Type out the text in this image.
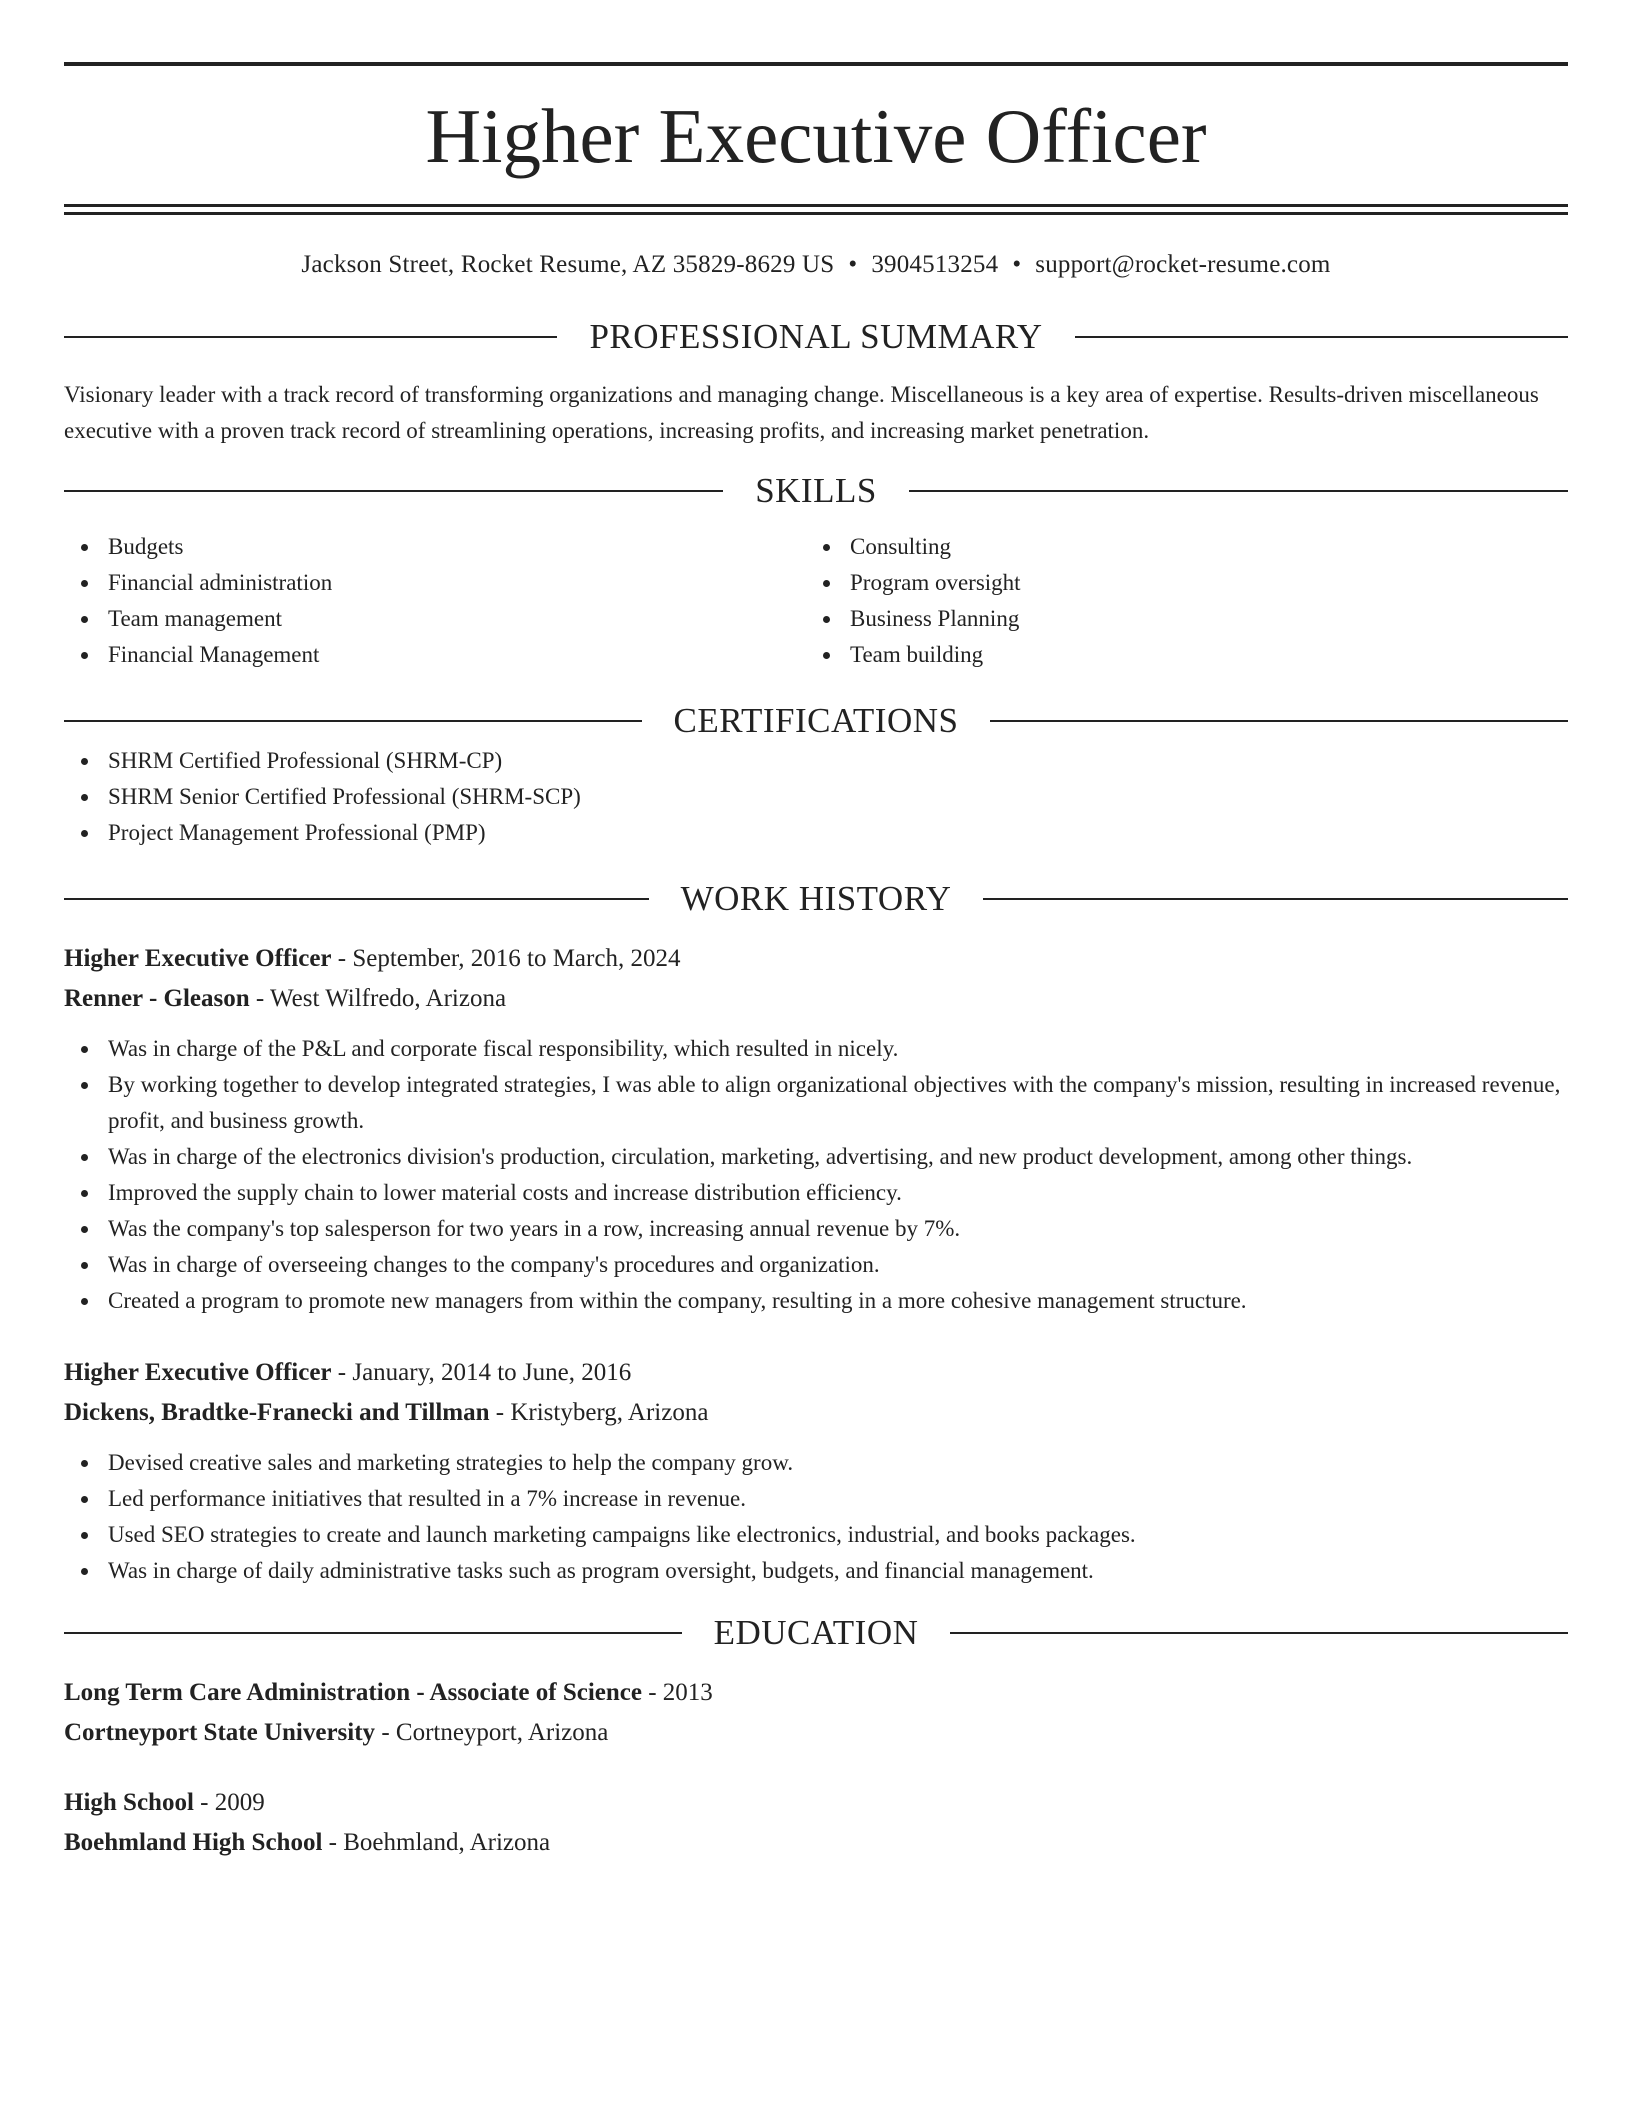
Higher Executive Officer
Jackson Street, Rocket Resume, AZ 35829-8629 US • 3904513254 • support@rocket-resume.com
PROFESSIONAL SUMMARY

Visionary leader with a track record of transforming organizations and managing change. Miscellaneous is a key area of expertise. Results-driven miscellaneous executive with a proven track record of streamlining operations, increasing profits, and increasing market penetration.

SKILLS
Budgets
Financial administration
Team management
Financial Management
Consulting
Program oversight
Business Planning
Team building
CERTIFICATIONS
SHRM Certified Professional (SHRM-CP)
SHRM Senior Certified Professional (SHRM-SCP)
Project Management Professional (PMP)
WORK HISTORY
Higher Executive Officer - September, 2016 to March, 2024
Renner - Gleason - West Wilfredo, Arizona
Was in charge of the P&L and corporate fiscal responsibility, which resulted in nicely.
By working together to develop integrated strategies, I was able to align organizational objectives with the company's mission, resulting in increased revenue, profit, and business growth.
Was in charge of the electronics division's production, circulation, marketing, advertising, and new product development, among other things.
Improved the supply chain to lower material costs and increase distribution efficiency.
Was the company's top salesperson for two years in a row, increasing annual revenue by 7%.
Was in charge of overseeing changes to the company's procedures and organization.
Created a program to promote new managers from within the company, resulting in a more cohesive management structure.
Higher Executive Officer - January, 2014 to June, 2016
Dickens, Bradtke-Franecki and Tillman - Kristyberg, Arizona
Devised creative sales and marketing strategies to help the company grow.
Led performance initiatives that resulted in a 7% increase in revenue.
Used SEO strategies to create and launch marketing campaigns like electronics, industrial, and books packages.
Was in charge of daily administrative tasks such as program oversight, budgets, and financial management.
EDUCATION
Long Term Care Administration - Associate of Science - 2013
Cortneyport State University - Cortneyport, Arizona
High School - 2009
Boehmland High School - Boehmland, Arizona
